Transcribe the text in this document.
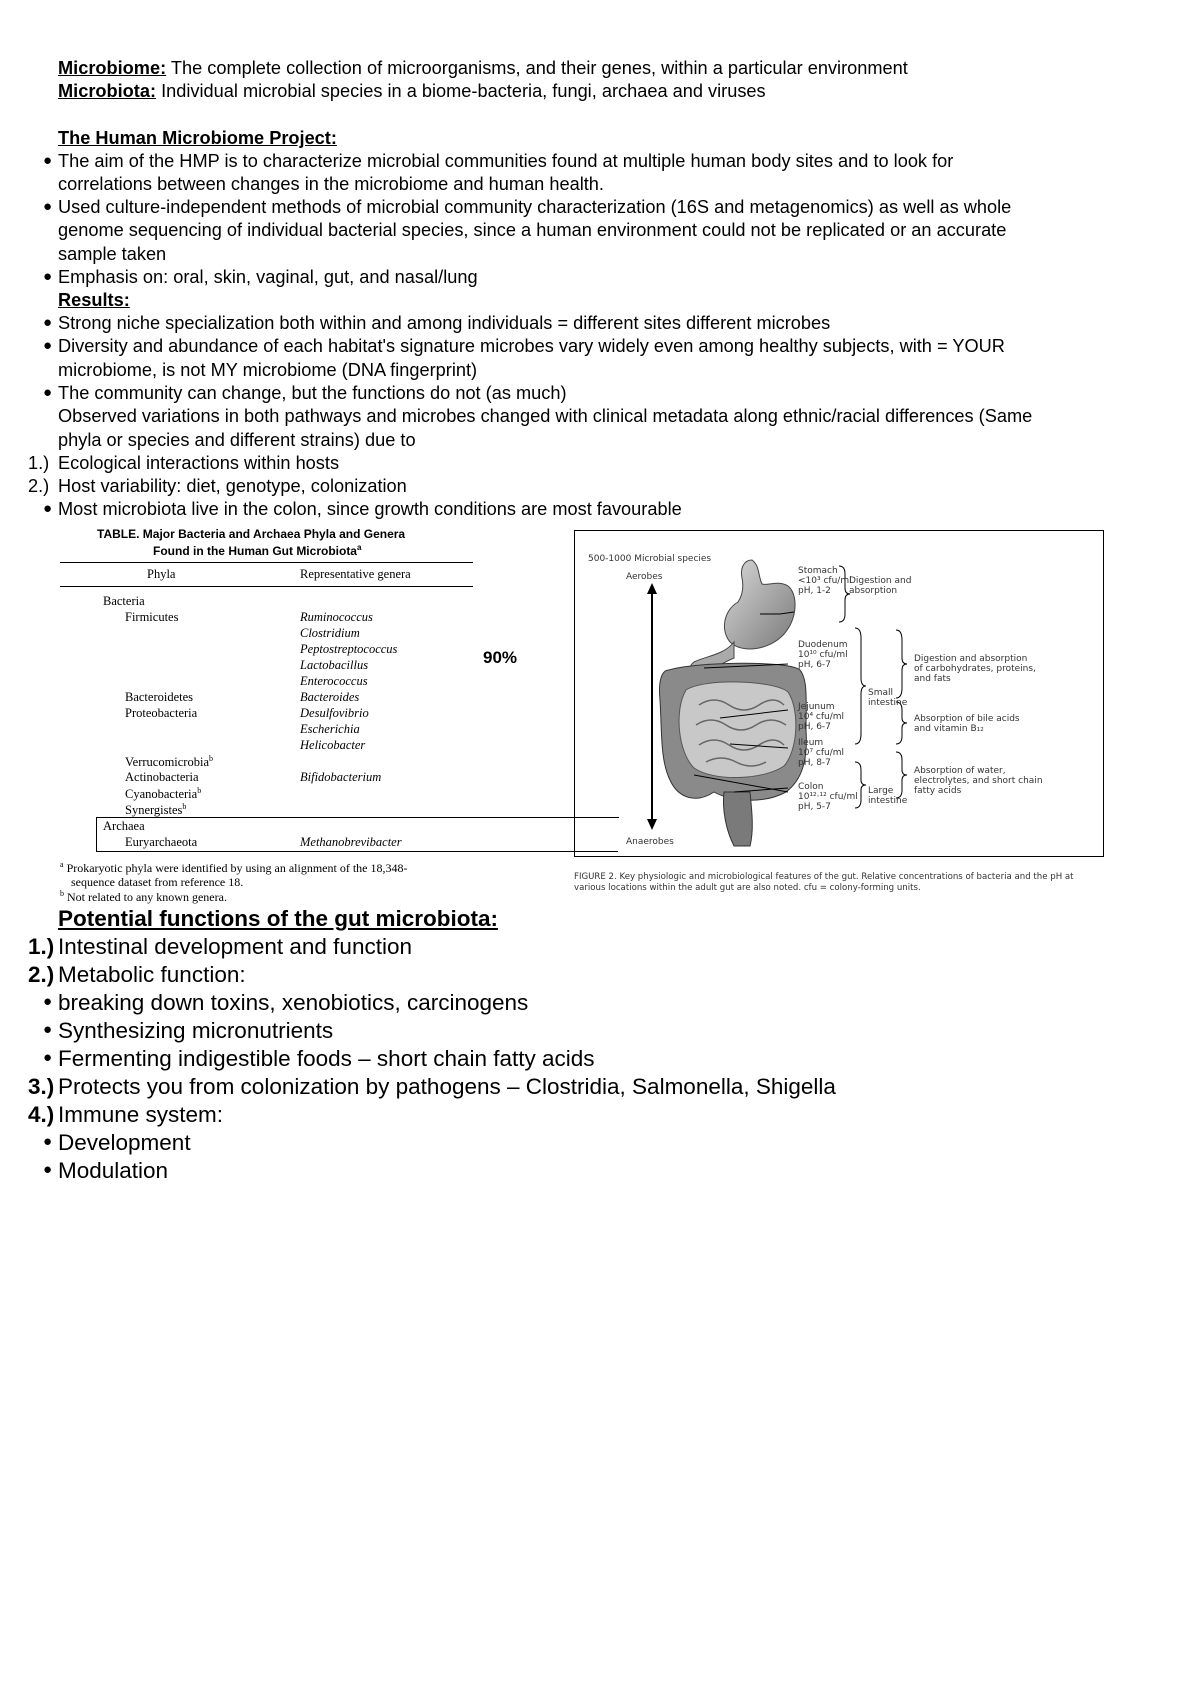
Microbiome: The complete collection of microorganisms, and their genes, within a particular environment
Microbiota: Individual microbial species in a biome-bacteria, fungi, archaea and viruses
The Human Microbiome Project:
● The aim of the HMP is to characterize microbial communities found at multiple human body sites and to look for
correlations between changes in the microbiome and human health.
● Used culture-independent methods of microbial community characterization (16S and metagenomics) as well as whole
genome sequencing of individual bacterial species, since a human environment could not be replicated or an accurate
sample taken
● Emphasis on: oral, skin, vaginal, gut, and nasal/lung
Results:
● Strong niche specialization both within and among individuals = different sites different microbes
● Diversity and abundance of each habitat's signature microbes vary widely even among healthy subjects, with = YOUR
microbiome, is not MY microbiome (DNA fingerprint)
● The community can change, but the functions do not (as much)
Observed variations in both pathways and microbes changed with clinical metadata along ethnic/racial differences (Same
phyla or species and different strains) due to
1.) Ecological interactions within hosts
2.) Host variability: diet, genotype, colonization
● Most microbiota live in the colon, since growth conditions are most favourable
TABLE. Major Bacteria and Archaea Phyla and Genera
Found in the Human Gut Microbiota$^a$
Phyla	Representative genera
Bacteria
Firmicutes	Ruminococcus
Clostridium
Peptostreptococcus
Lactobacillus
Enterococcus
Bacteroidetes	Bacteroides
Proteobacteria	Desulfovibrio
Escherichia
Helicobacter
Verrucomicrobia$^b$
Actinobacteria	Bifidobacterium
Cyanobacteria$^b$
Synergistes$^b$
Archaea
Euryarchaeota	Methanobrevibacter
$^a$ Prokaryotic phyla were identified by using an alignment of the 18,348-
sequence dataset from reference 18.
$^b$ Not related to any known genera.
90%
500-1000 Microbial species
Aerobes
Anaerobes
Stomach
<10³ cfu/ml
pH, 1-2
Digestion and
absorption
Duodenum
10¹⁰ cfu/ml
pH, 6-7
Jejunum
10⁴ cfu/ml
pH, 6-7
Ileum
10⁷ cfu/ml
pH, 8-7
Colon
10¹²·¹² cfu/ml
pH, 5-7
Small
intestine
Large
intestine
Digestion and absorption
of carbohydrates, proteins,
and fats
Absorption of bile acids
and vitamin B₁₂
Absorption of water,
electrolytes, and short chain
fatty acids
FIGURE 2. Key physiologic and microbiological features of the gut. Relative concentrations of bacteria and the pH at
various locations within the adult gut are also noted. cfu = colony-forming units.
Potential functions of the gut microbiota:
1.) Intestinal development and function
2.) Metabolic function:
● breaking down toxins, xenobiotics, carcinogens
● Synthesizing micronutrients
● Fermenting indigestible foods – short chain fatty acids
3.) Protects you from colonization by pathogens – Clostridia, Salmonella, Shigella
4.) Immune system:
● Development
● Modulation
